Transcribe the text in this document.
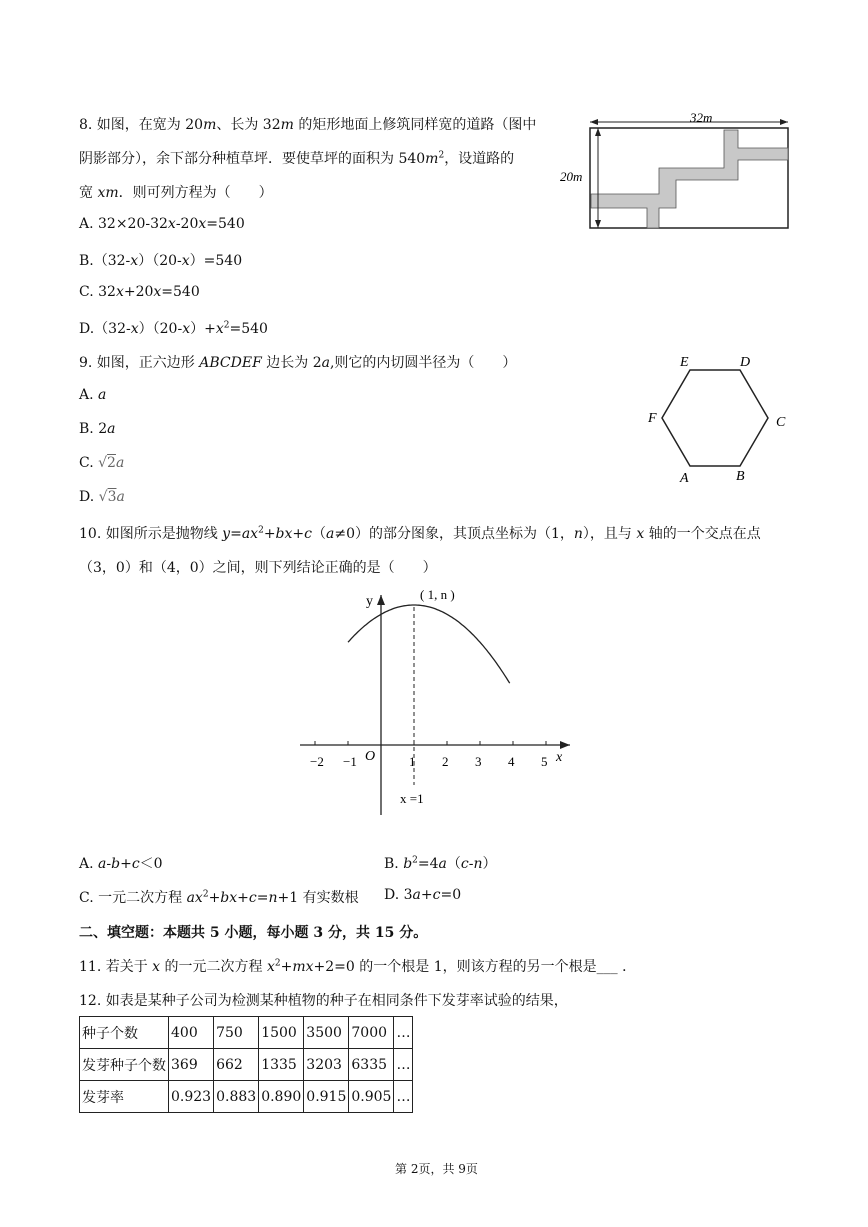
8. 如图，在宽为 20m、长为 32m 的矩形地面上修筑同样宽的道路（图中
阴影部分），余下部分种植草坪．要使草坪的面积为 $540m^2$，设道路的
宽 xm．则可列方程为（　　）
A. 32×20-32x-20x=540
B.（32-x）（20-x）=540
C. 32x+20x=540
$D.(32-x)(20-x)+x^2=540$
32m
20m
9. 如图，正六边形 ABCDEF 边长为 2a,则它的内切圆半径为（　　）
A. a
B. 2a
C. √2a
D. √3a
E	D
C
B
A
F
10. 如图所示是抛物线 $y=ax^2+bx+c(a\ne 0)$的部分图象，其顶点坐标为（1，n），且与 x 轴的一个交点在点
（3，0）和（4，0）之间，则下列结论正确的是（　　）
−2 −1	1 2 3 4 5
y
x
O
( 1, n )
x =1
A. a-b+c＜0	B. $b^2=4a(c-n)$
C. 一元二次方程 $ax^2+bx+c=n+1$ 有实数根 D. 3a+c=0
二、填空题：本题共 5 小题，每小题 3 分，共 15 分。
11. 若关于 x 的一元二次方程 $x^2+mx+2=0$ 的一个根是 1，则该方程的另一个根是___ ．
12. 如表是某种子公司为检测某种植物的种子在相同条件下发芽率试验的结果，
种子个数	400	750	1500	3500	7000	…
发芽种子个数	369	662	1335	3203	6335	…
发芽率	0.923	0.883	0.890	0.915	0.905	…
第 2页，共 9页
